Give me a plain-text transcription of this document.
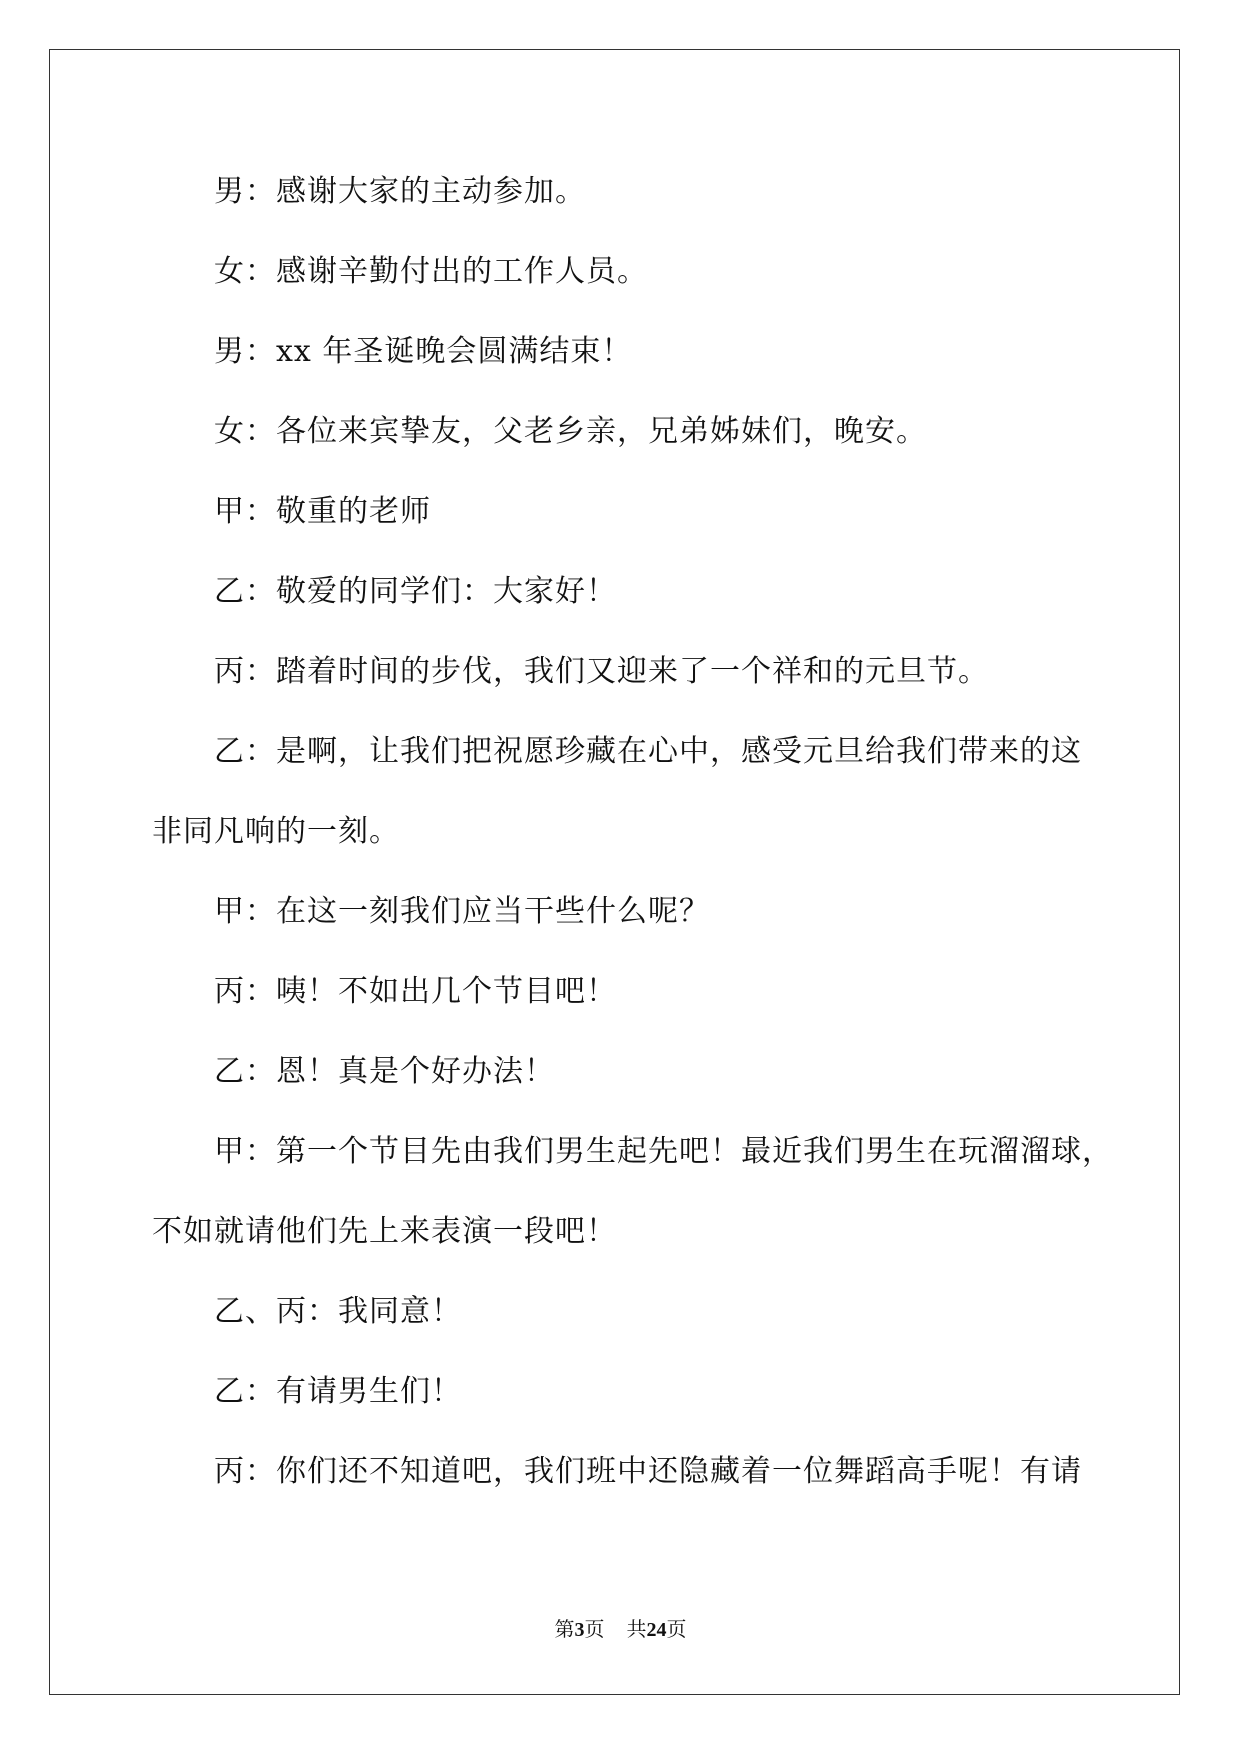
男：感谢大家的主动参加。
女：感谢辛勤付出的工作人员。
男：xx 年圣诞晚会圆满结束！
女：各位来宾挚友，父老乡亲，兄弟姊妹们，晚安。
甲：敬重的老师
乙：敬爱的同学们：大家好！
丙：踏着时间的步伐，我们又迎来了一个祥和的元旦节。
乙：是啊，让我们把祝愿珍藏在心中，感受元旦给我们带来的这
非同凡响的一刻。
甲：在这一刻我们应当干些什么呢？
丙：咦！不如出几个节目吧！
乙：恩！真是个好办法！
甲：第一个节目先由我们男生起先吧！最近我们男生在玩溜溜球，
不如就请他们先上来表演一段吧！
乙、丙：我同意！
乙：有请男生们！
丙：你们还不知道吧，我们班中还隐藏着一位舞蹈高手呢！有请
第3页 共24页
